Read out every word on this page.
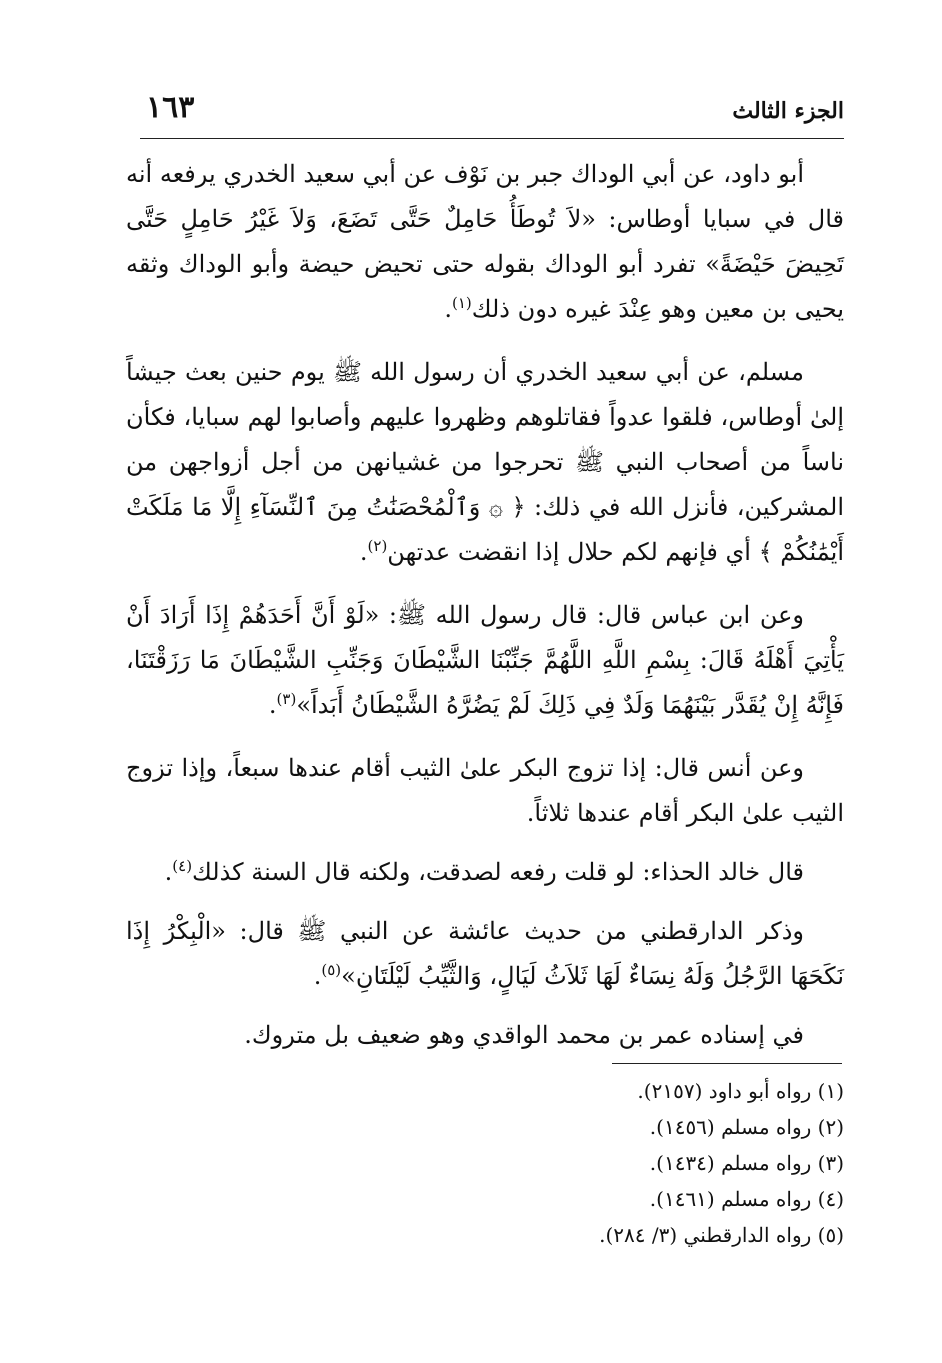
الجزء الثالث
١٦٣

أبو داود، عن أبي الوداك جبر بن نَوْف عن أبي سعيد الخدري يرفعه أنه قال في سبايا أوطاس: «لاَ تُوطَأُ حَامِلٌ حَتَّى تَضَعَ، وَلاَ غَيْرُ حَامِلٍ حَتَّى تَحِيضَ حَيْضَةً» تفرد أبو الوداك بقوله حتى تحيض حيضة وأبو الوداك وثقه يحيى بن معين وهو عِنْدَ غيره دون ذلك$^{(١)}$.

مسلم، عن أبي سعيد الخدري أن رسول الله ﷺ يوم حنين بعث جيشاً إلىٰ أوطاس، فلقوا عدواً فقاتلوهم وظهروا عليهم وأصابوا لهم سبايا، فكأن ناساً من أصحاب النبي ﷺ تحرجوا من غشيانهن من أجل أزواجهن من المشركين، فأنزل الله في ذلك: ﴿ ۞ وَٱلْمُحْصَنَٰتُ مِنَ ٱلنِّسَآءِ إِلَّا مَا مَلَكَتْ أَيْمَٰنُكُمْ ﴾ أي فإنهم لكم حلال إذا انقضت عدتهن$^{(٢)}$.

وعن ابن عباس قال: قال رسول الله ﷺ: «لَوْ أَنَّ أَحَدَهُمْ إِذَا أَرَادَ أَنْ يَأْتِيَ أَهْلَهُ قَالَ: بِسْمِ اللَّهِ اللَّهُمَّ جَنِّبْنَا الشَّيْطَانَ وَجَنِّبِ الشَّيْطَانَ مَا رَزَقْتَنَا، فَإِنَّهُ إِنْ يُقَدَّر بَيْنَهُمَا وَلَدٌ فِي ذَلِكَ لَمْ يَضُرَّهُ الشَّيْطَانُ أَبَداً»$^{(٣)}$.

وعن أنس قال: إذا تزوج البكر علىٰ الثيب أقام عندها سبعاً، وإذا تزوج الثيب علىٰ البكر أقام عندها ثلاثاً.

قال خالد الحذاء: لو قلت رفعه لصدقت، ولكنه قال السنة كذلك$^{(٤)}$.

وذكر الدارقطني من حديث عائشة عن النبي ﷺ قال: «الْبِكْرُ إِذَا نَكَحَهَا الرَّجُلُ وَلَهُ نِسَاءٌ لَهَا ثَلاَثُ لَيَالٍ، وَالثَّيِّبُ لَيْلَتَانِ»$^{(٥)}$.

في إسناده عمر بن محمد الواقدي وهو ضعيف بل متروك.

(١) رواه أبو داود (٢١٥٧).

(٢) رواه مسلم (١٤٥٦).

(٣) رواه مسلم (١٤٣٤).

(٤) رواه مسلم (١٤٦١).

(٥) رواه الدارقطني (٣/ ٢٨٤).
